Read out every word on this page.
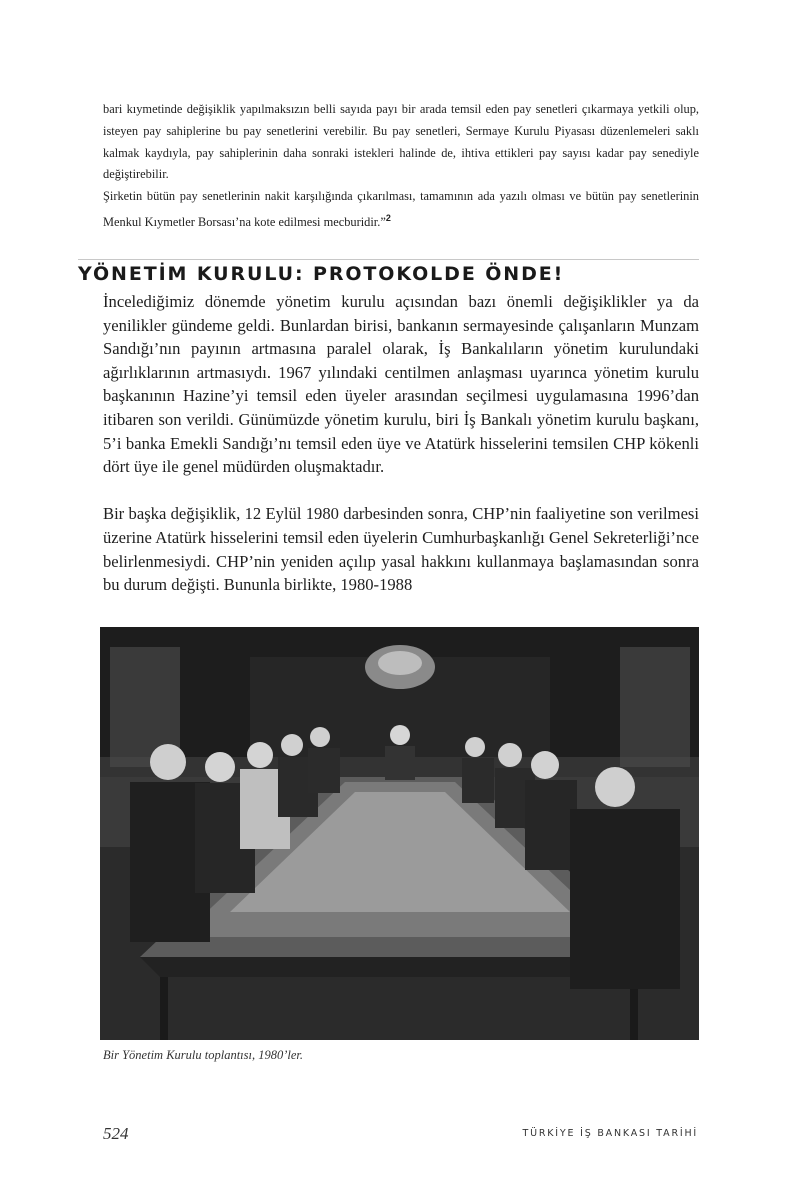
bari kıymetinde değişiklik yapılmaksızın belli sayıda payı bir arada temsil eden pay senetleri çıkarmaya yetkili olup, isteyen pay sahiplerine bu pay senetlerini verebilir. Bu pay senetleri, Sermaye Kurulu Piyasası düzenlemeleri saklı kalmak kaydıyla, pay sahiplerinin daha sonraki istekleri halinde de, ihtiva ettikleri pay sayısı kadar pay senediyle değiştirebilir.

Şirketin bütün pay senetlerinin nakit karşılığında çıkarılması, tamamının ada yazılı olması ve bütün pay senetlerinin Menkul Kıymetler Borsası’na kote edilmesi mecburidir.”$^2$

YÖNETİM KURULU: PROTOKOLDE ÖNDE!

İncelediğimiz dönemde yönetim kurulu açısından bazı önemli değişiklikler ya da yenilikler gündeme geldi. Bunlardan birisi, bankanın sermayesinde çalışanların Munzam Sandığı’nın payının artmasına paralel olarak, İş Bankalıların yönetim kurulundaki ağırlıklarının artmasıydı. 1967 yılındaki centilmen anlaşması uyarınca yönetim kurulu başkanının Hazine’yi temsil eden üyeler arasından seçilmesi uygulamasına 1996’dan itibaren son verildi. Günümüzde yönetim kurulu, biri İş Bankalı yönetim kurulu başkanı, 5’i banka Emekli Sandığı’nı temsil eden üye ve Atatürk hisselerini temsilen CHP kökenli dört üye ile genel müdürden oluşmaktadır.

Bir başka değişiklik, 12 Eylül 1980 darbesinden sonra, CHP’nin faaliyetine son verilmesi üzerine Atatürk hisselerini temsil eden üyelerin Cumhurbaşkanlığı Genel Sekreterliği’nce belirlenmesiydi. CHP’nin yeniden açılıp yasal hakkını kullanmaya başlamasından sonra bu durum değişti. Bununla birlikte, 1980-1988

Bir Yönetim Kurulu toplantısı, 1980’ler.
524	TÜRKİYE İŞ BANKASI TARİHİ
